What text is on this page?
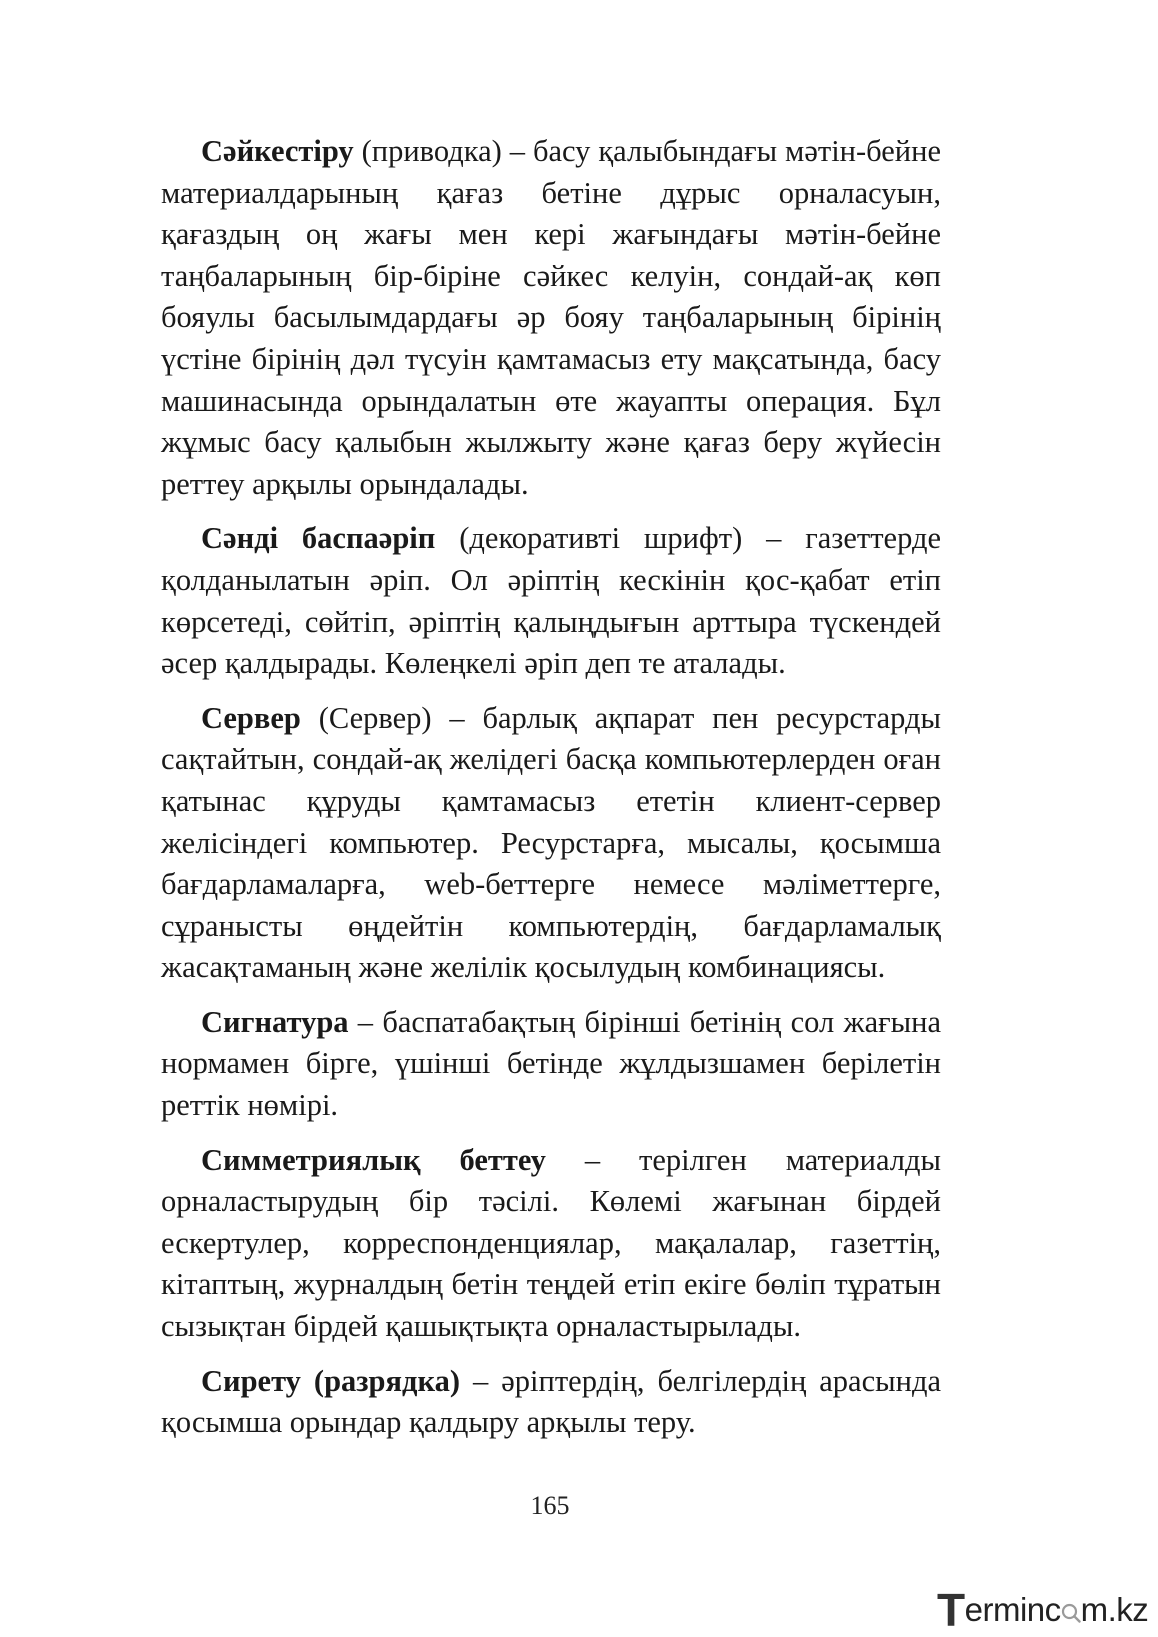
Сәйкестіру (приводка) – басу қалыбындағы мәтін-бейне материалдарының қағаз бетіне дұрыс орналасуын, қағаздың оң жағы мен кері жағындағы мәтін-бейне таңбаларының бір-біріне сәйкес келуін, сондай-ақ көп бояулы басылымдардағы әр бояу таңбаларының бірінің үстіне бірінің дәл түсуін қамтамасыз ету мақсатында, басу машинасында орындалатын өте жауапты операция. Бұл жұмыс басу қалыбын жылжыту және қағаз беру жүйесін реттеу арқылы орындалады.

Сәнді баспаәріп (декоративті шрифт) – газеттерде қолданылатын әріп. Ол әріптің кескінін қос-қабат етіп көрсетеді, сөйтіп, әріптің қалыңдығын арттыра түскендей әсер қалдырады. Көлеңкелі әріп деп те аталады.

Сервер (Сервер) – барлық ақпарат пен ресурстарды сақтайтын, сондай-ақ желідегі басқа компьютерлерден оған қатынас құруды қамтамасыз ететін клиент-сервер желісіндегі компьютер. Ресурстарға, мысалы, қосымша бағдарламаларға, web-беттерге немесе мәліметтерге, сұранысты өңдейтін компьютердің, бағдарламалық жасақтаманың және желілік қосылудың комбинациясы.

Сигнатура – баспатабақтың бірінші бетінің сол жағына нормамен бірге, үшінші бетінде жұлдызшамен берілетін реттік нөмірі.

Симметриялық беттеу – терілген материалды орналастырудың бір тәсілі. Көлемі жағынан бірдей ескертулер, корреспонденциялар, мақалалар, газеттің, кітаптың, журналдың бетін теңдей етіп екіге бөліп тұратын сызықтан бірдей қашықтықта орналастырылады.

Сирету (разрядка) – әріптердің, белгілердің арасында қосымша орындар қалдыру арқылы теру.

165
Terminc m.kz
